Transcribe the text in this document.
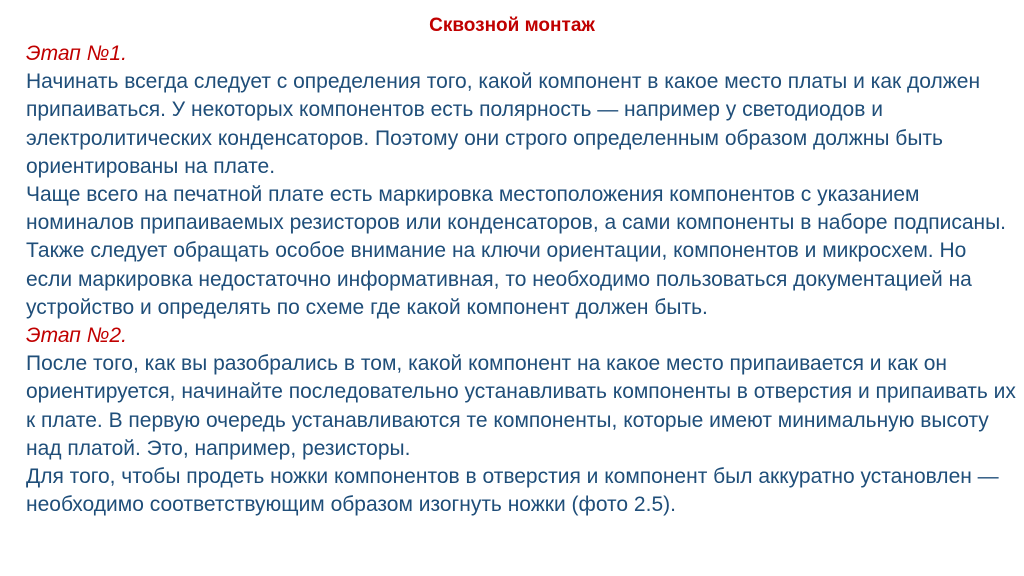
Сквозной монтаж
Этап №1.

Начинать всегда следует с определения того, какой компонент в какое место платы и как должен припаиваться. У некоторых компонентов есть полярность — например у светодиодов и электролитических конденсаторов. Поэтому они строго определенным образом должны быть ориентированы на плате.

Чаще всего на печатной плате есть маркировка местоположения компонентов с указанием номиналов припаиваемых резисторов или конденсаторов, а сами компоненты в наборе подписаны. Также следует обращать особое внимание на ключи ориентации, компонентов и микросхем. Но если маркировка недостаточно информативная, то необходимо пользоваться документацией на устройство и определять по схеме где какой компонент должен быть.

Этап №2.

После того, как вы разобрались в том, какой компонент на какое место припаивается и как он ориентируется, начинайте последовательно устанавливать компоненты в отверстия и припаивать их к плате. В первую очередь устанавливаются те компоненты, которые имеют минимальную высоту над платой. Это, например, резисторы.

Для того, чтобы продеть ножки компонентов в отверстия и компонент был аккуратно установлен — необходимо соответствующим образом изогнуть ножки (фото 2.5).
